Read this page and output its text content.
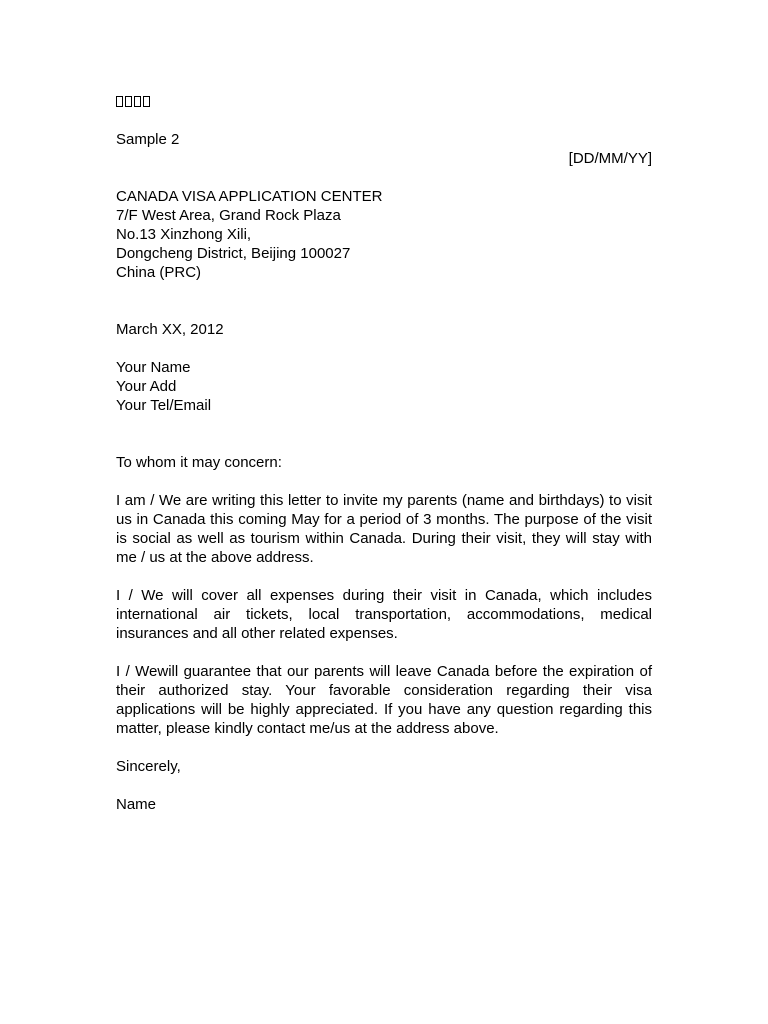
Sample 2
[DD/MM/YY]
CANADA VISA APPLICATION CENTER
7/F West Area, Grand Rock Plaza
No.13 Xinzhong Xili,
Dongcheng District, Beijing 100027
China (PRC)
March XX, 2012
Your Name
Your Add
Your Tel/Email
To whom it may concern:

I am / We are writing this letter to invite my parents (name and birthdays) to visit us in Canada this coming May for a period of 3 months. The purpose of the visit is social as well as tourism within Canada. During their visit, they will stay with me / us at the above address.

I / We will cover all expenses during their visit in Canada, which includes international air tickets, local transportation, accommodations, medical insurances and all other related expenses.

I / Wewill guarantee that our parents will leave Canada before the expiration of their authorized stay. Your favorable consideration regarding their visa applications will be highly appreciated. If you have any question regarding this matter, please kindly contact me/us at the address above.

Sincerely,
Name
